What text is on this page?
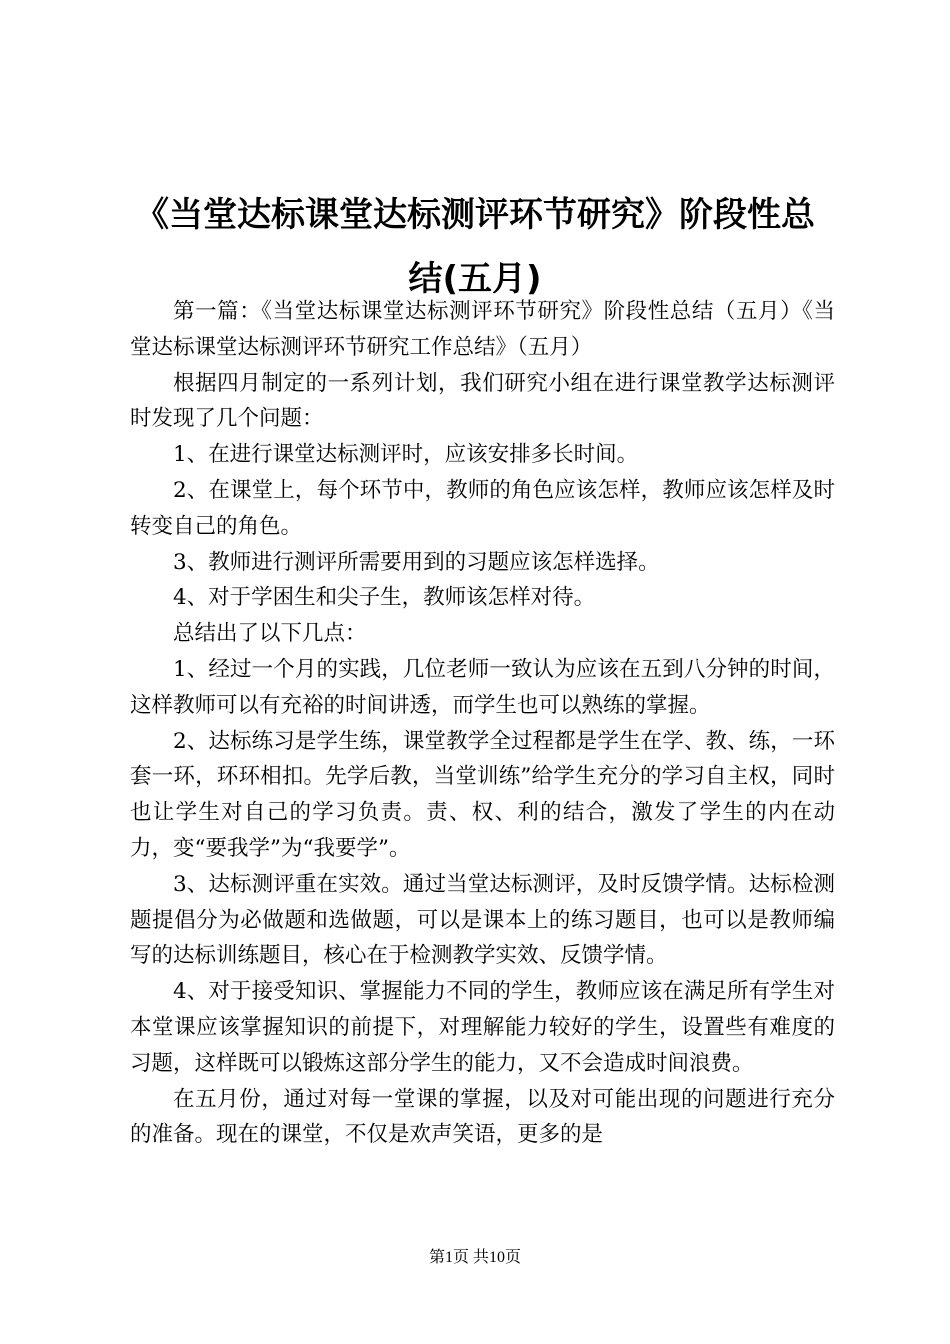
《当堂达标课堂达标测评环节研究》阶段性总
结(五月)

第一篇：《当堂达标课堂达标测评环节研究》阶段性总结（五月）《当堂达标课堂达标测评环节研究工作总结》（五月）

根据四月制定的一系列计划，我们研究小组在进行课堂教学达标测评时发现了几个问题：

1、在进行课堂达标测评时，应该安排多长时间。

2、在课堂上，每个环节中，教师的角色应该怎样，教师应该怎样及时转变自己的角色。

3、教师进行测评所需要用到的习题应该怎样选择。

4、对于学困生和尖子生，教师该怎样对待。

总结出了以下几点：

1、经过一个月的实践，几位老师一致认为应该在五到八分钟的时间，这样教师可以有充裕的时间讲透，而学生也可以熟练的掌握。

2、达标练习是学生练，课堂教学全过程都是学生在学、教、练，一环套一环，环环相扣。先学后教，当堂训练”给学生充分的学习自主权，同时也让学生对自己的学习负责。责、权、利的结合，激发了学生的内在动力，变“要我学”为“我要学”。

3、达标测评重在实效。通过当堂达标测评，及时反馈学情。达标检测题提倡分为必做题和选做题，可以是课本上的练习题目，也可以是教师编写的达标训练题目，核心在于检测教学实效、反馈学情。

4、对于接受知识、掌握能力不同的学生，教师应该在满足所有学生对本堂课应该掌握知识的前提下，对理解能力较好的学生，设置些有难度的习题，这样既可以锻炼这部分学生的能力，又不会造成时间浪费。

在五月份，通过对每一堂课的掌握，以及对可能出现的问题进行充分的准备。现在的课堂，不仅是欢声笑语，更多的是

第1页 共10页
